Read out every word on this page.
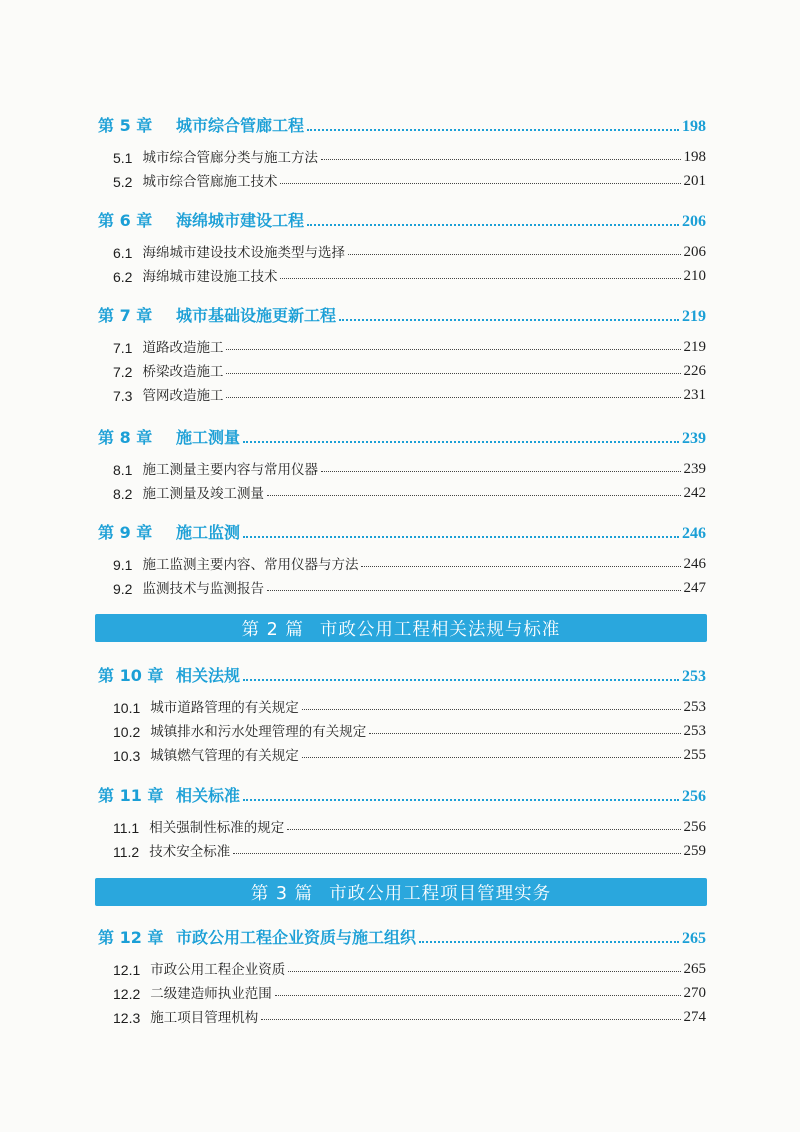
第 5 章	城市综合管廊工程	198
5.1 城市综合管廊分类与施工方法	198
5.2 城市综合管廊施工技术	201
第 6 章	海绵城市建设工程	206
6.1 海绵城市建设技术设施类型与选择	206
6.2 海绵城市建设施工技术	210
第 7 章	城市基础设施更新工程	219
7.1 道路改造施工	219
7.2 桥梁改造施工	226
7.3 管网改造施工	231
第 8 章	施工测量	239
8.1 施工测量主要内容与常用仪器	239
8.2 施工测量及竣工测量	242
第 9 章	施工监测	246
9.1 施工监测主要内容、常用仪器与方法	246
9.2 监测技术与监测报告	247
第 2 篇 市政公用工程相关法规与标准
第 10 章 相关法规	253
10.1 城市道路管理的有关规定	253
10.2 城镇排水和污水处理管理的有关规定	253
10.3 城镇燃气管理的有关规定	255
第 11 章 相关标准	256
11.1 相关强制性标准的规定	256
11.2 技术安全标准	259
第 3 篇 市政公用工程项目管理实务
第 12 章 市政公用工程企业资质与施工组织	265
12.1 市政公用工程企业资质	265
12.2 二级建造师执业范围	270
12.3 施工项目管理机构	274
